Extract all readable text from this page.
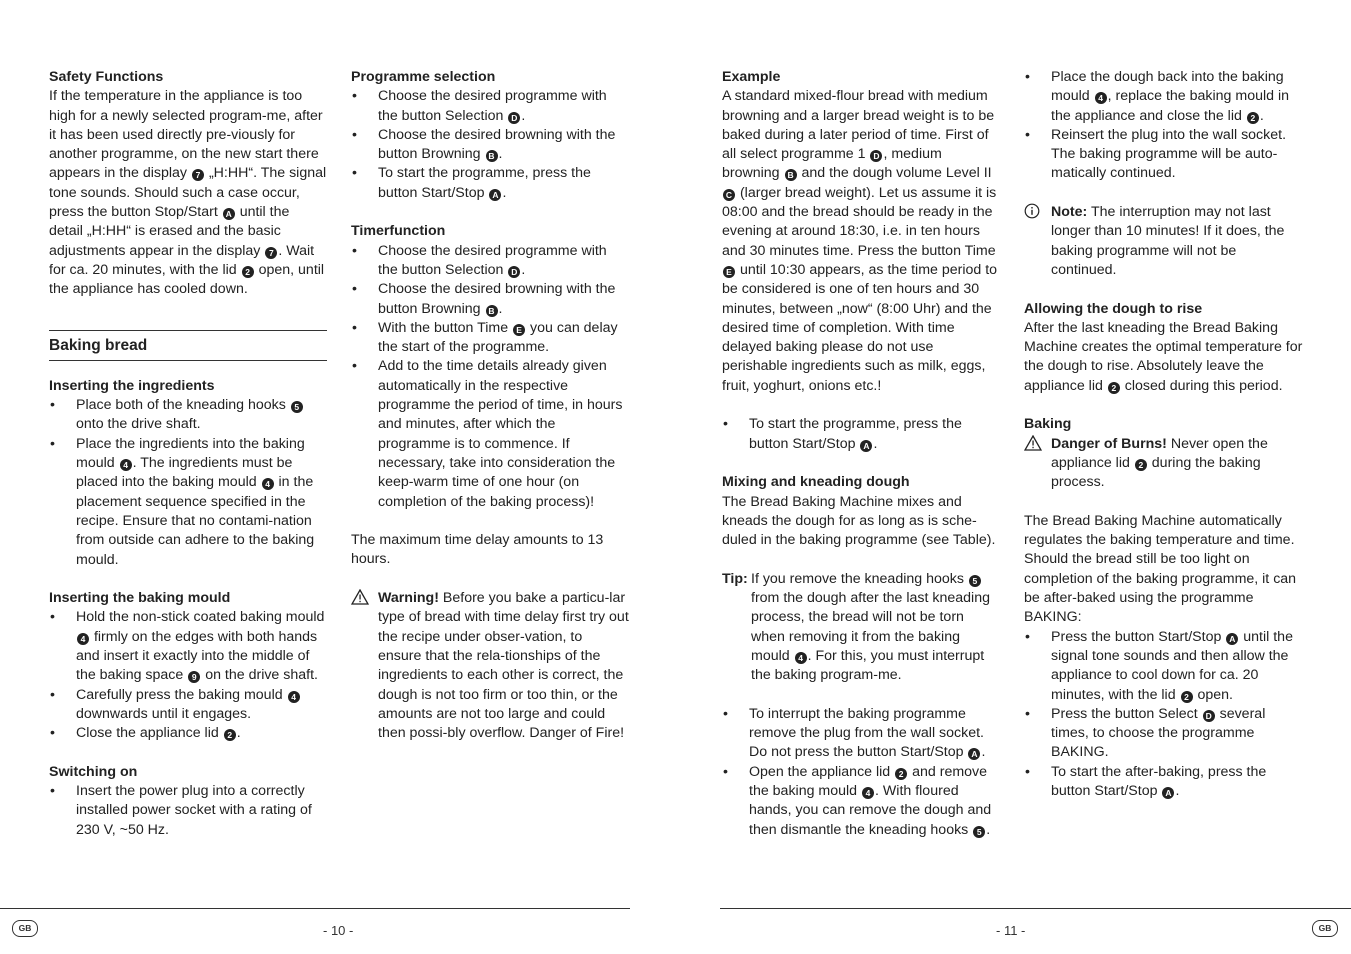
Safety Functions

If the temperature in the appliance is too high for a newly selected program-me, after it has been used directly pre-viously for another programme, on the new start there appears in the display 7 „H:HH“. The signal tone sounds. Should such a case occur, press the button Stop/Start A until the detail „H:HH“ is erased and the basic adjustments appear in the display 7 . Wait for ca. 20 minutes, with the lid 2 open, until the appliance has cooled down.

Baking bread
Inserting the ingredients
• Place both of the kneading hooks 5 onto the drive shaft.
• Place the ingredients into the baking mould 4 . The ingredients must be placed into the baking mould 4 in the placement sequence specified in the recipe. Ensure that no contami-nation from outside can adhere to the baking mould.
Inserting the baking mould
• Hold the non-stick coated baking mould 4 firmly on the edges with both hands and insert it exactly into the middle of the baking space 9 on the drive shaft.
• Carefully press the baking mould 4 downwards until it engages.
• Close the appliance lid 2 .
Switching on
• Insert the power plug into a correctly installed power socket with a rating of 230 V, ~50 Hz.
Programme selection
• Choose the desired programme with the button Selection D .
• Choose the desired browning with the button Browning B .
• To start the programme, press the button Start/Stop A .
Timerfunction
• Choose the desired programme with the button Selection D .
• Choose the desired browning with the button Browning B .
• With the button Time E you can delay the start of the programme.
• Add to the time details already given automatically in the respective programme the period of time, in hours and minutes, after which the programme is to commence. If necessary, take into consideration the keep-warm time of one hour (on completion of the baking process)!

The maximum time delay amounts to 13 hours.

Warning! Before you bake a particu-lar type of bread with time delay first try out the recipe under obser-vation, to ensure that the rela-tionships of the ingredients to each other is correct, the dough is not too firm or too thin, or the amounts are not too large and could then possi-bly overflow. Danger of Fire!
Example

A standard mixed-flour bread with medium browning and a larger bread weight is to be baked during a later period of time. First of all select programme 1 D , medium browning B and the dough volume Level II C (larger bread weight). Let us assume it is 08:00 and the bread should be ready in the evening at around 18:30, i.e. in ten hours and 30 minutes time. Press the button Time E until 10:30 appears, as the time period to be considered is one of ten hours and 30 minutes, between „now“ (8:00 Uhr) and the desired time of completion. With time delayed baking please do not use perishable ingredients such as milk, eggs, fruit, yoghurt, onions etc.!

• To start the programme, press the button Start/Stop A .
Mixing and kneading dough

The Bread Baking Machine mixes and kneads the dough for as long as is sche-duled in the baking programme (see Table).

Tip: If you remove the kneading hooks 5 from the dough after the last kneading process, the bread will not be torn when removing it from the baking mould 4 . For this, you must interrupt the baking program-me.
• To interrupt the baking programme remove the plug from the wall socket. Do not press the button Start/Stop A .
• Open the appliance lid 2 and remove the baking mould 4 . With floured hands, you can remove the dough and then dismantle the kneading hooks 5 .
• Place the dough back into the baking mould 4 , replace the baking mould in the appliance and close the lid 2 .
• Reinsert the plug into the wall socket. The baking programme will be auto-matically continued.
Note: The interruption may not last longer than 10 minutes! If it does, the baking programme will not be continued.
Allowing the dough to rise

After the last kneading the Bread Baking Machine creates the optimal temperature for the dough to rise. Absolutely leave the appliance lid 2 closed during this period.

Baking
Danger of Burns! Never open the appliance lid 2 during the baking process.

The Bread Baking Machine automatically regulates the baking temperature and time. Should the bread still be too light on completion of the baking programme, it can be after-baked using the programme BAKING:

• Press the button Start/Stop A until the signal tone sounds and then allow the appliance to cool down for ca. 20 minutes, with the lid 2 open.
• Press the button Select D several times, to choose the programme BAKING.
• To start the after-baking, press the button Start/Stop A .
GB	- 10 -	- 11 -	GB
